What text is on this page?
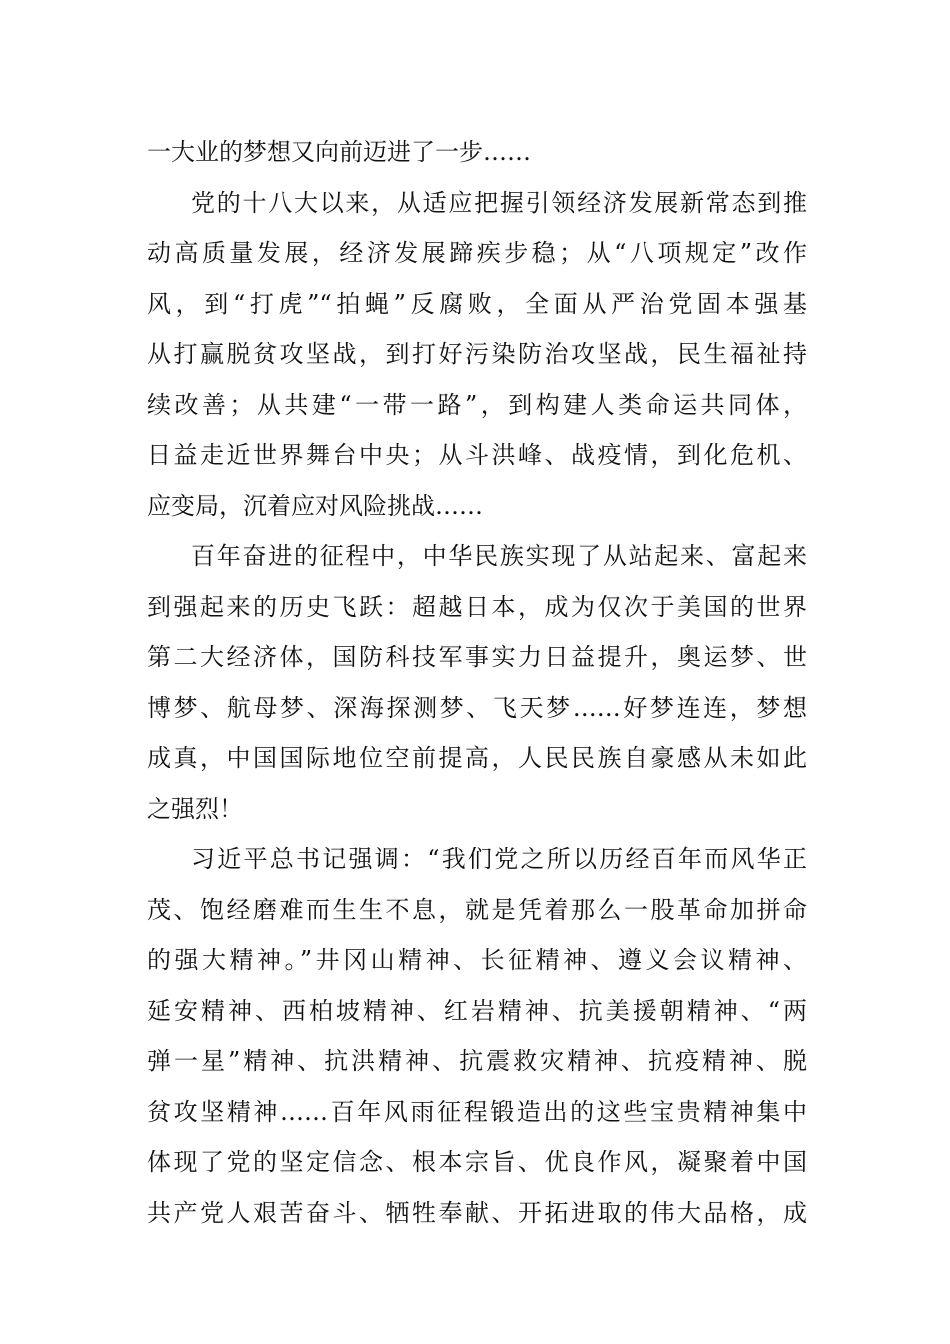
一大业的梦想又向前迈进了一步……
党的十八大以来，从适应把握引领经济发展新常态到推
动高质量发展，经济发展蹄疾步稳；从“八项规定”改作
风，到“打虎”“拍蝇”反腐败，全面从严治党固本强基
从打赢脱贫攻坚战，到打好污染防治攻坚战，民生福祉持
续改善；从共建“一带一路”，到构建人类命运共同体，
日益走近世界舞台中央；从斗洪峰、战疫情，到化危机、
应变局，沉着应对风险挑战……
百年奋进的征程中，中华民族实现了从站起来、富起来
到强起来的历史飞跃：超越日本，成为仅次于美国的世界
第二大经济体，国防科技军事实力日益提升，奥运梦、世
博梦、航母梦、深海探测梦、飞天梦……好梦连连，梦想
成真，中国国际地位空前提高，人民民族自豪感从未如此
之强烈！
习近平总书记强调：“我们党之所以历经百年而风华正
茂、饱经磨难而生生不息，就是凭着那么一股革命加拼命
的强大精神。”井冈山精神、长征精神、遵义会议精神、
延安精神、西柏坡精神、红岩精神、抗美援朝精神、“两
弹一星”精神、抗洪精神、抗震救灾精神、抗疫精神、脱
贫攻坚精神……百年风雨征程锻造出的这些宝贵精神集中
体现了党的坚定信念、根本宗旨、优良作风，凝聚着中国
共产党人艰苦奋斗、牺牲奉献、开拓进取的伟大品格，成
